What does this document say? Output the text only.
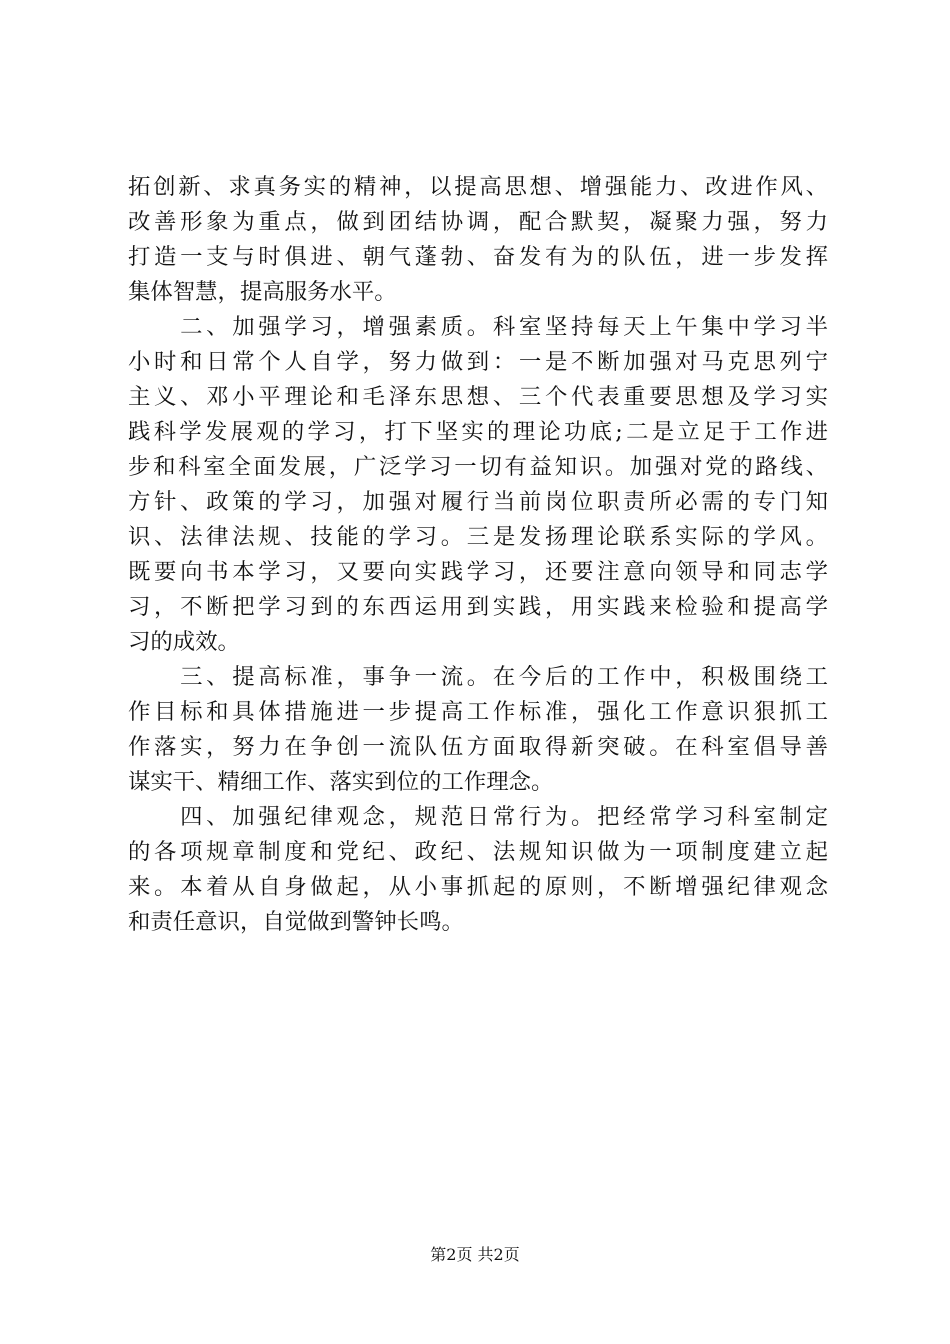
拓创新、求真务实的精神，以提高思想、增强能力、改进作风、
改善形象为重点，做到团结协调，配合默契，凝聚力强，努力
打造一支与时俱进、朝气蓬勃、奋发有为的队伍，进一步发挥
集体智慧，提高服务水平。
　　二、加强学习，增强素质。科室坚持每天上午集中学习半
小时和日常个人自学，努力做到：一是不断加强对马克思列宁
主义、邓小平理论和毛泽东思想、三个代表重要思想及学习实
践科学发展观的学习，打下坚实的理论功底;二是立足于工作进
步和科室全面发展，广泛学习一切有益知识。加强对党的路线、
方针、政策的学习，加强对履行当前岗位职责所必需的专门知
识、法律法规、技能的学习。三是发扬理论联系实际的学风。
既要向书本学习，又要向实践学习，还要注意向领导和同志学
习，不断把学习到的东西运用到实践，用实践来检验和提高学
习的成效。
　　三、提高标准，事争一流。在今后的工作中，积极围绕工
作目标和具体措施进一步提高工作标准，强化工作意识狠抓工
作落实，努力在争创一流队伍方面取得新突破。在科室倡导善
谋实干、精细工作、落实到位的工作理念。
　　四、加强纪律观念，规范日常行为。把经常学习科室制定
的各项规章制度和党纪、政纪、法规知识做为一项制度建立起
来。本着从自身做起，从小事抓起的原则，不断增强纪律观念
和责任意识，自觉做到警钟长鸣。
第2页 共2页
